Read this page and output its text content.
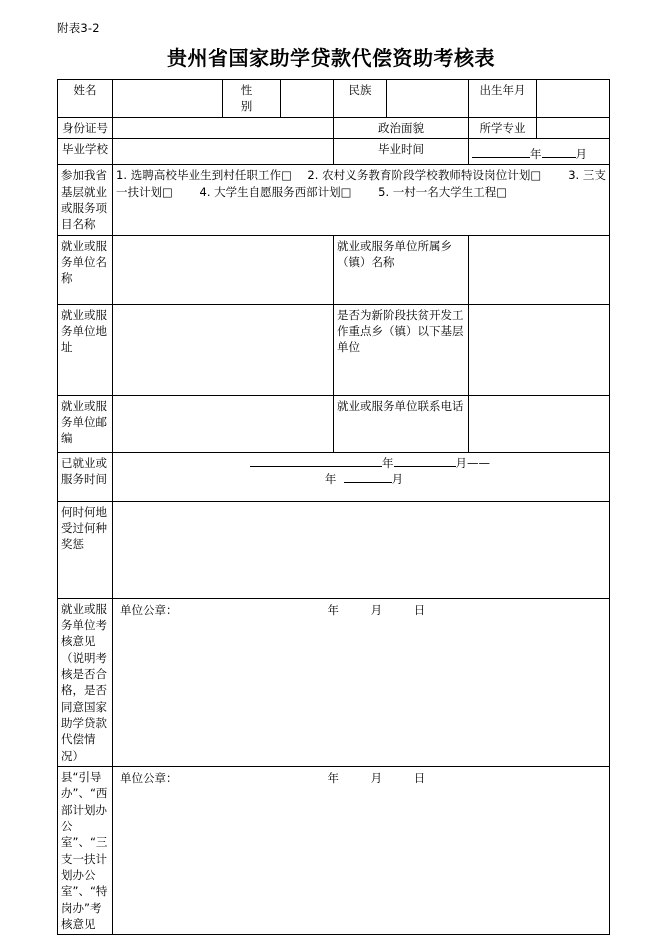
附表3-2
贵州省国家助学贷款代偿资助考核表
姓名		性 别		民族		出生年月	
身份证号				政治面貌		所学专业	
毕业学校				毕业时间		年 月	

参加我省基层就业或服务项目名称	1. 选聘高校毕业生到村任职工作□　 2. 农村义务教育阶段学校教师特设岗位计划□ 　　3. 三支一扶计划□ 　　4. 大学生自愿服务西部计划□ 　　5. 一村一名大学生工程□						
就业或服务单位名称				就业或服务单位所属乡（镇）名称			
就业或服务单位地址				是否为新阶段扶贫开发工作重点乡（镇）以下基层单位			
就业或服务单位邮编				就业或服务单位联系电话			
已就业或服务时间	年 月——
年 月						

何时何地受过何种奖惩							
就业或服务单位考核意见（说明考核是否合格，是否同意国家助学贷款代偿情况）	单位公章： 年 月 日						

县“引导办”、“西部计划办公室”、“三支一扶计划办公室”、“特岗办”考核意见	单位公章： 年 月 日						
